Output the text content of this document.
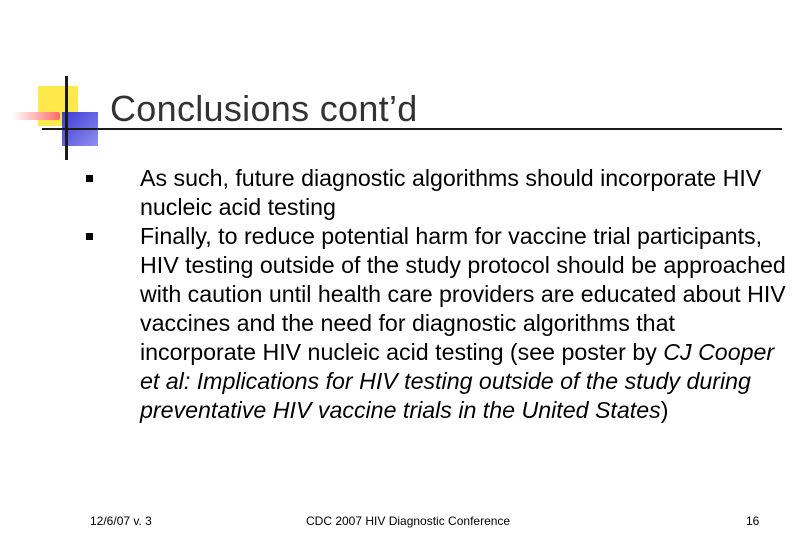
Conclusions cont’d
As such, future diagnostic algorithms should incorporate HIV nucleic acid testing
Finally, to reduce potential harm for vaccine trial participants, HIV testing outside of the study protocol should be approached with caution until health care providers are educated about HIV vaccines and the need for diagnostic algorithms that incorporate HIV nucleic acid testing (see poster by CJ Cooper et al: Implications for HIV testing outside of the study during preventative HIV vaccine trials in the United States)
12/6/07 v. 3	CDC 2007 HIV Diagnostic Conference	16
